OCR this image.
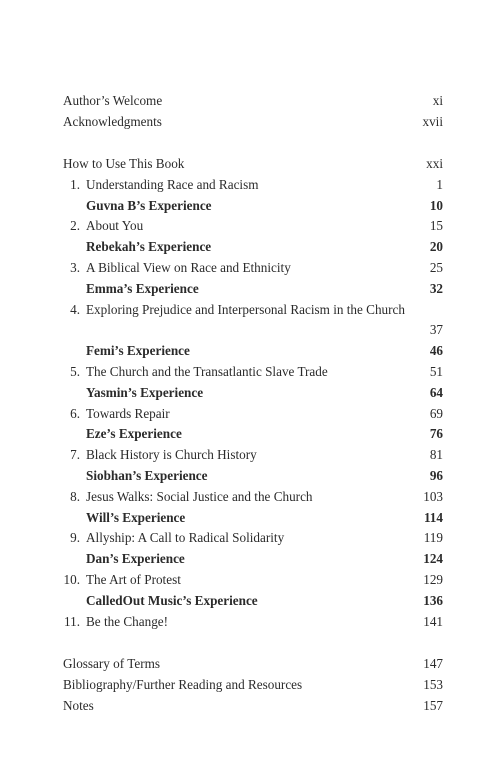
Author’s Welcome	xi
Acknowledgments	xvii
How to Use This Book	xxi
1. Understanding Race and Racism	1
Guvna B’s Experience	10
2. About You	15
Rebekah’s Experience	20
3. A Biblical View on Race and Ethnicity	25
Emma’s Experience	32
4. Exploring Prejudice and Interpersonal Racism in the Church
37
Femi’s Experience	46
5. The Church and the Transatlantic Slave Trade	51
Yasmin’s Experience	64
6. Towards Repair	69
Eze’s Experience	76
7. Black History is Church History	81
Siobhan’s Experience	96
8. Jesus Walks: Social Justice and the Church	103
Will’s Experience	114
9. Allyship: A Call to Radical Solidarity	119
Dan’s Experience	124
10. The Art of Protest	129
CalledOut Music’s Experience	136
11. Be the Change!	141
Glossary of Terms	147
Bibliography/Further Reading and Resources	153
Notes	157
